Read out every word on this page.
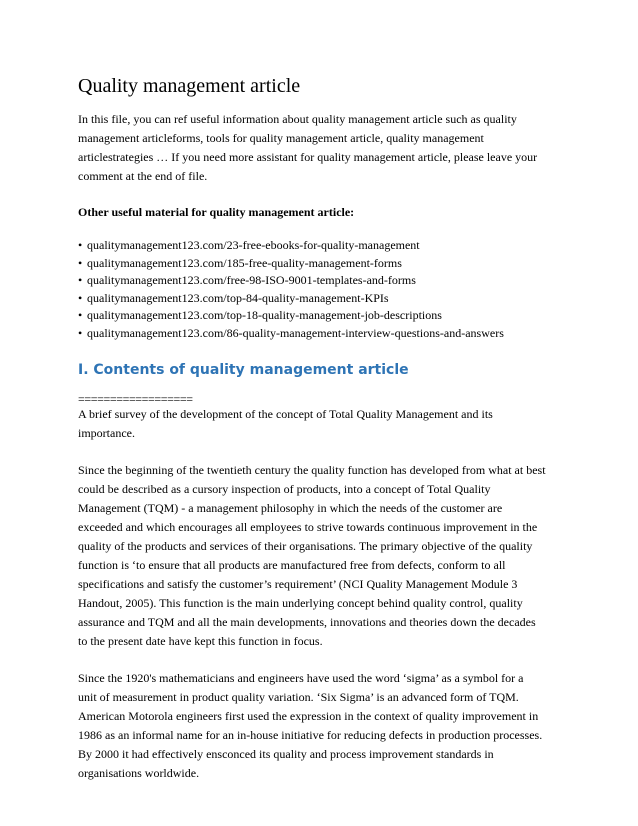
Quality management article

In this file, you can ref useful information about quality management article such as quality
management articleforms, tools for quality management article, quality management
articlestrategies … If you need more assistant for quality management article, please leave your
comment at the end of file.

Other useful material for quality management article:
• qualitymanagement123.com/23-free-ebooks-for-quality-management
• qualitymanagement123.com/185-free-quality-management-forms
• qualitymanagement123.com/free-98-ISO-9001-templates-and-forms
• qualitymanagement123.com/top-84-quality-management-KPIs
• qualitymanagement123.com/top-18-quality-management-job-descriptions
• qualitymanagement123.com/86-quality-management-interview-questions-and-answers
I. Contents of quality management article
==================

A brief survey of the development of the concept of Total Quality Management and its
importance.

Since the beginning of the twentieth century the quality function has developed from what at best
could be described as a cursory inspection of products, into a concept of Total Quality
Management (TQM) - a management philosophy in which the needs of the customer are
exceeded and which encourages all employees to strive towards continuous improvement in the
quality of the products and services of their organisations. The primary objective of the quality
function is ‘to ensure that all products are manufactured free from defects, conform to all
specifications and satisfy the customer’s requirement’ (NCI Quality Management Module 3
Handout, 2005). This function is the main underlying concept behind quality control, quality
assurance and TQM and all the main developments, innovations and theories down the decades
to the present date have kept this function in focus.

Since the 1920's mathematicians and engineers have used the word ‘sigma’ as a symbol for a
unit of measurement in product quality variation. ‘Six Sigma’ is an advanced form of TQM.
American Motorola engineers first used the expression in the context of quality improvement in
1986 as an informal name for an in-house initiative for reducing defects in production processes.
By 2000 it had effectively ensconced its quality and process improvement standards in
organisations worldwide.
